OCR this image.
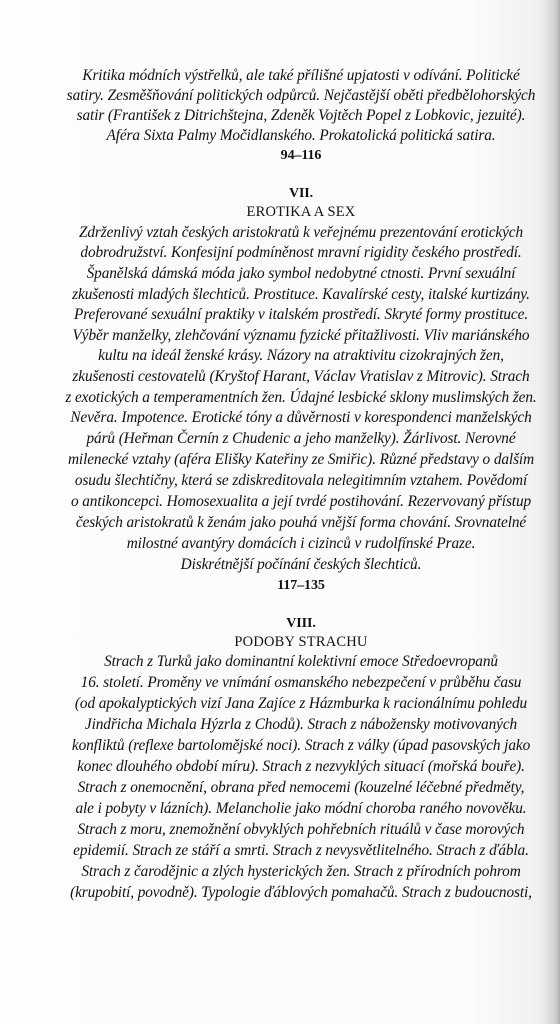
Kritika módních výstřelků, ale také přílišné upjatosti v odívání. Politické
satiry. Zesměšňování politických odpůrců. Nejčastější oběti předbělohorských
satir (František z Ditrichštejna, Zdeněk Vojtěch Popel z Lobkovic, jezuité).
Aféra Sixta Palmy Močidlanského. Prokatolická politická satira.
94–116
VII.
EROTIKA A SEX
Zdrženlivý vztah českých aristokratů k veřejnému prezentování erotických
dobrodružství. Konfesijní podmíněnost mravní rigidity českého prostředí.
Španělská dámská móda jako symbol nedobytné ctnosti. První sexuální
zkušenosti mladých šlechticů. Prostituce. Kavalírské cesty, italské kurtizány.
Preferované sexuální praktiky v italském prostředí. Skryté formy prostituce.
Výběr manželky, zlehčování významu fyzické přitažlivosti. Vliv mariánského
kultu na ideál ženské krásy. Názory na atraktivitu cizokrajných žen,
zkušenosti cestovatelů (Kryštof Harant, Václav Vratislav z Mitrovic). Strach
z exotických a temperamentních žen. Údajné lesbické sklony muslimských žen.
Nevěra. Impotence. Erotické tóny a důvěrnosti v korespondenci manželských
párů (Heřman Černín z Chudenic a jeho manželky). Žárlivost. Nerovné
milenecké vztahy (aféra Elišky Kateřiny ze Smiřic). Různé představy o dalším
osudu šlechtičny, která se zdiskreditovala nelegitimním vztahem. Povědomí
o antikoncepci. Homosexualita a její tvrdé postihování. Rezervovaný přístup
českých aristokratů k ženám jako pouhá vnější forma chování. Srovnatelné
milostné avantýry domácích i cizinců v rudolfínské Praze.
Diskrétnější počínání českých šlechticů.
117–135
VIII.
PODOBY STRACHU
Strach z Turků jako dominantní kolektivní emoce Středoevropanů
16. století. Proměny ve vnímání osmanského nebezpečení v průběhu času
(od apokalyptických vizí Jana Zajíce z Házmburka k racionálnímu pohledu
Jindřicha Michala Hýzrla z Chodů). Strach z nábožensky motivovaných
konfliktů (reflexe bartolomějské noci). Strach z války (úpad pasovských jako
konec dlouhého období míru). Strach z nezvyklých situací (mořská bouře).
Strach z onemocnění, obrana před nemocemi (kouzelné léčebné předměty,
ale i pobyty v lázních). Melancholie jako módní choroba raného novověku.
Strach z moru, znemožnění obvyklých pohřebních rituálů v čase morových
epidemií. Strach ze stáří a smrti. Strach z nevysvětlitelného. Strach z ďábla.
Strach z čarodějnic a zlých hysterických žen. Strach z přírodních pohrom
(krupobití, povodně). Typologie ďáblových pomahačů. Strach z budoucnosti,
